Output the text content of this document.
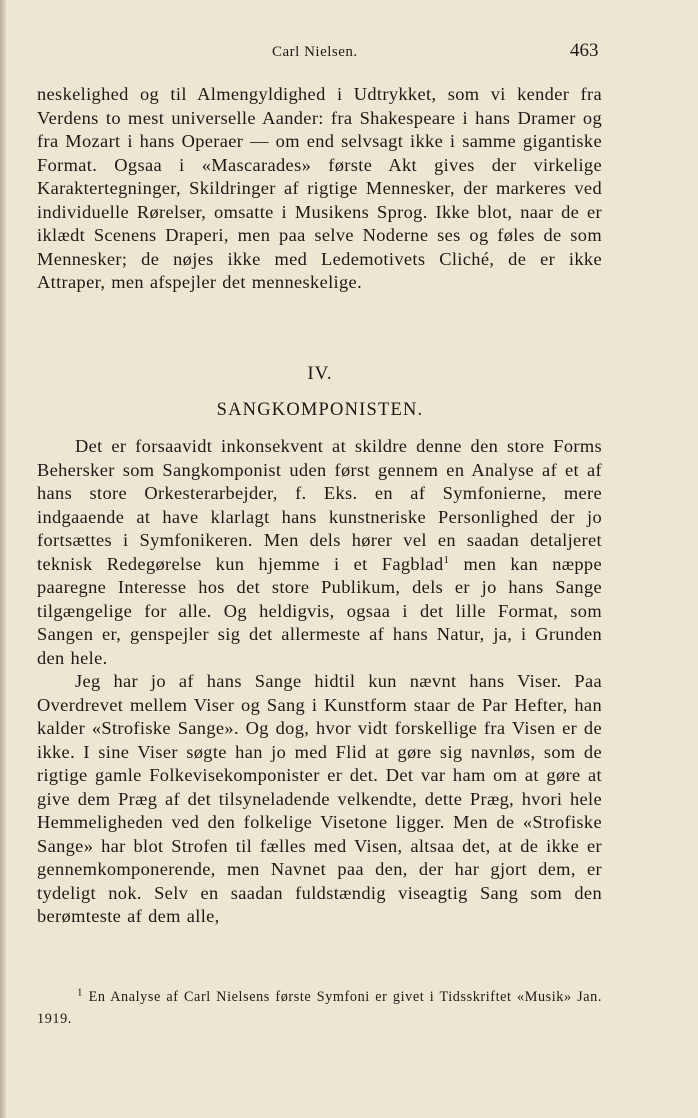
Carl Nielsen.	463

neskelighed og til Almengyldighed i Udtrykket, som vi kender fra Verdens to mest universelle Aander: fra Shakespeare i hans Dramer og fra Mozart i hans Operaer — om end selvsagt ikke i samme gigantiske Format. Ogsaa i «Mascarades» første Akt gives der virkelige Karaktertegninger, Skildringer af rigtige Mennesker, der markeres ved individuelle Rørelser, omsatte i Musikens Sprog. Ikke blot, naar de er iklædt Scenens Draperi, men paa selve Noderne ses og føles de som Mennesker; de nøjes ikke med Ledemotivets Cliché, de er ikke Attraper, men afspejler det menneskelige.

IV.
SANGKOMPONISTEN.

Det er forsaavidt inkonsekvent at skildre denne den store Forms Behersker som Sangkomponist uden først gennem en Analyse af et af hans store Orkesterarbejder, f. Eks. en af Symfonierne, mere indgaaende at have klarlagt hans kunstneriske Personlighed der jo fortsættes i Symfonikeren. Men dels hører vel en saadan detaljeret teknisk Redegørelse kun hjemme i et Fagblad$^1$ men kan næppe paaregne Interesse hos det store Publikum, dels er jo hans Sange tilgængelige for alle. Og heldigvis, ogsaa i det lille Format, som Sangen er, genspejler sig det allermeste af hans Natur, ja, i Grunden den hele.

Jeg har jo af hans Sange hidtil kun nævnt hans Viser. Paa Overdrevet mellem Viser og Sang i Kunstform staar de Par Hefter, han kalder «Strofiske Sange». Og dog, hvor vidt forskellige fra Visen er de ikke. I sine Viser søgte han jo med Flid at gøre sig navnløs, som de rigtige gamle Folkevisekomponister er det. Det var ham om at gøre at give dem Præg af det tilsyneladende velkendte, dette Præg, hvori hele Hemmeligheden ved den folkelige Visetone ligger. Men de «Strofiske Sange» har blot Strofen til fælles med Visen, altsaa det, at de ikke er gennemkomponerende, men Navnet paa den, der har gjort dem, er tydeligt nok. Selv en saadan fuldstændig viseagtig Sang som den berømteste af dem alle,

$^1$ En Analyse af Carl Nielsens første Symfoni er givet i Tidsskriftet «Musik» Jan. 1919.
